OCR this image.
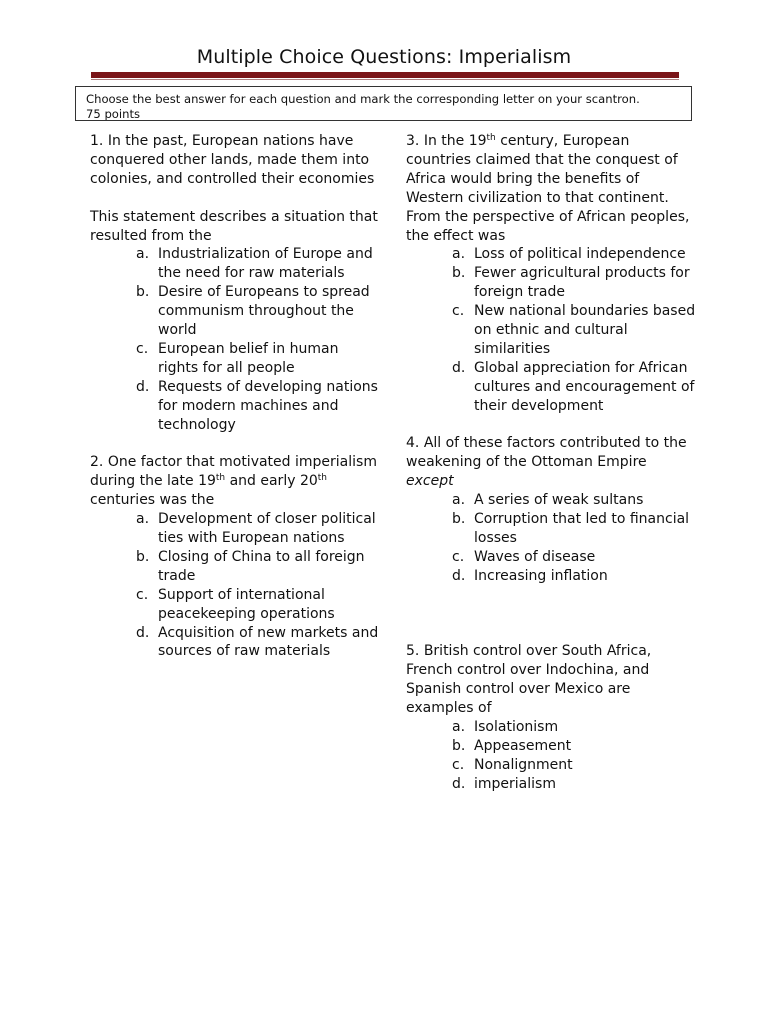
Multiple Choice Questions: Imperialism
Choose the best answer for each question and mark the corresponding letter on your scantron.
75 points

1. In the past, European nations have conquered other lands, made them into colonies, and controlled their economies

This statement describes a situation that resulted from the

a. Industrialization of Europe and the need for raw materials
b. Desire of Europeans to spread communism throughout the world
c. European belief in human rights for all people
d. Requests of developing nations for modern machines and technology

2. One factor that motivated imperialism during the late 19th and early 20th centuries was the

a. Development of closer political ties with European nations
b. Closing of China to all foreign trade
c. Support of international peacekeeping operations
d. Acquisition of new markets and sources of raw materials

3. In the 19th century, European countries claimed that the conquest of Africa would bring the benefits of Western civilization to that continent.

From the perspective of African peoples, the effect was

a. Loss of political independence
b. Fewer agricultural products for foreign trade
c. New national boundaries based on ethnic and cultural similarities
d. Global appreciation for African cultures and encouragement of their development

4. All of these factors contributed to the weakening of the Ottoman Empire except

a. A series of weak sultans
b. Corruption that led to financial losses
c. Waves of disease
d. Increasing inflation

5. British control over South Africa, French control over Indochina, and Spanish control over Mexico are examples of

a. Isolationism
b. Appeasement
c. Nonalignment
d. imperialism
